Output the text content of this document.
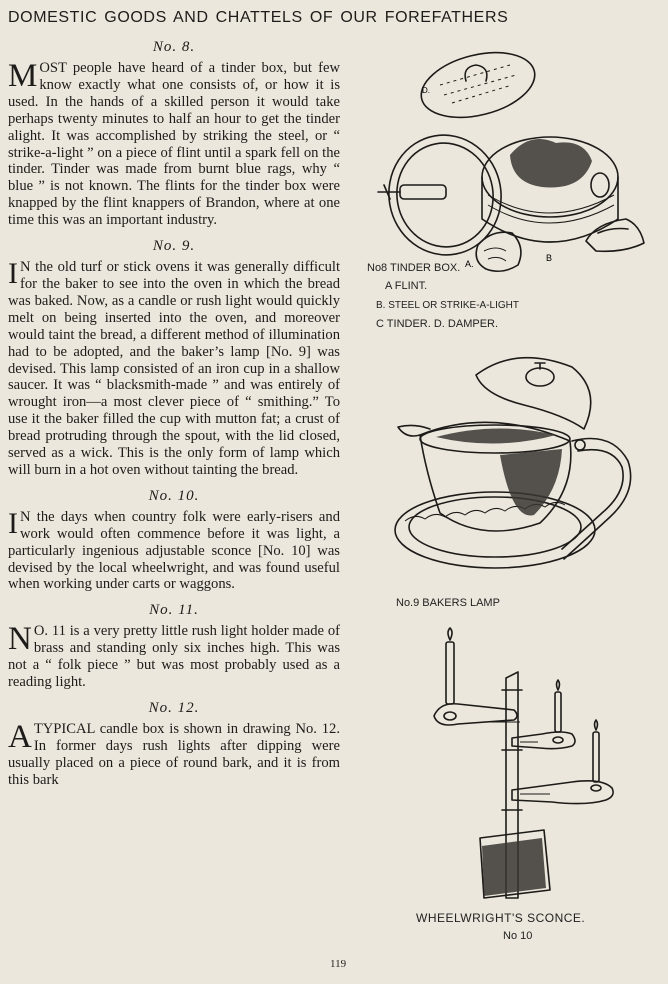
DOMESTIC GOODS AND CHATTELS OF OUR FOREFATHERS
No. 8.

MOST people have heard of a tinder box, but few know exactly what one consists of, or how it is used. In the hands of a skilled person it would take perhaps twenty minutes to half an hour to get the tinder alight. It was accomplished by striking the steel, or “ strike-a-light ” on a piece of flint until a spark fell on the tinder. Tinder was made from burnt blue rags, why “ blue ” is not known. The flints for the tinder box were knapped by the flint knappers of Brandon, where at one time this was an important industry.

No. 9.

I N the old turf or stick ovens it was generally difficult for the baker to see into the oven in which the bread was baked. Now, as a candle or rush light would quickly melt on being inserted into the oven, and moreover would taint the bread, a different method of illumination had to be adopted, and the baker’s lamp [No. 9] was devised. This lamp consisted of an iron cup in a shallow saucer. It was “ blacksmith-made ” and was entirely of wrought iron—a most clever piece of “ smithing.” To use it the baker filled the cup with mutton fat; a crust of bread protruding through the spout, with the lid closed, served as a wick. This is the only form of lamp which will burn in a hot oven without tainting the bread.

No. 10.

I N the days when country folk were early-risers and work would often commence before it was light, a particularly ingenious adjustable sconce [No. 10] was devised by the local wheelwright, and was found useful when working under carts or waggons.

No. 11.

N O. 11 is a very pretty little rush light holder made of brass and standing only six inches high. This was not a “ folk piece ” but was most probably used as a reading light.

No. 12.

ATYPICAL candle box is shown in drawing No. 12. In former days rush lights after dipping were usually placed on a piece of round bark, and it is from this bark

D.
A.
B
No8 TINDER BOX.
A FLINT.
B. STEEL OR STRIKE-A-LIGHT
C TINDER. D. DAMPER.
No.9 BAKERS LAMP
WHEELWRIGHT'S SCONCE.
No 10
119
